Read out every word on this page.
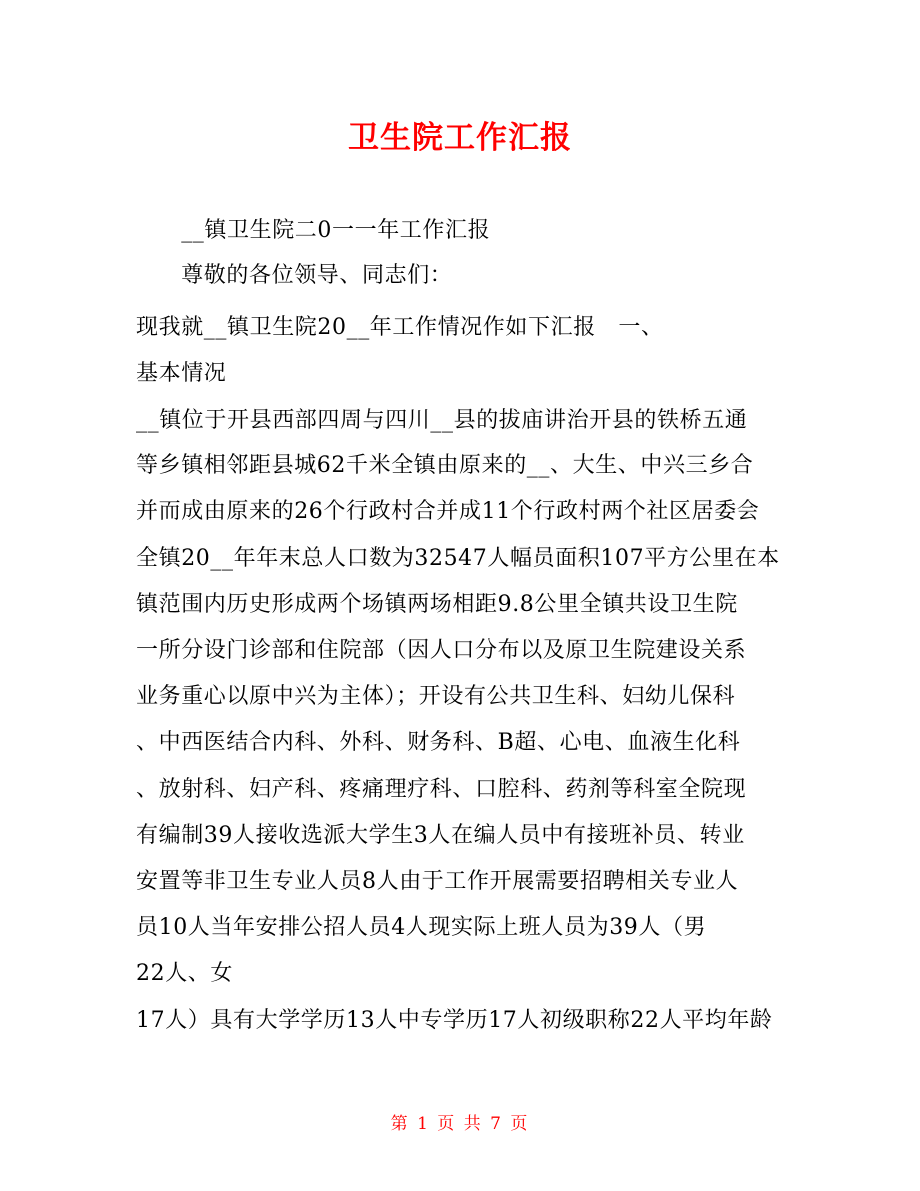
卫生院工作汇报
　　__镇卫生院二0一一年工作汇报
　　尊敬的各位领导、同志们：
现我就__镇卫生院20__年工作情况作如下汇报　一、
基本情况
__镇位于开县西部四周与四川__县的拔庙讲治开县的铁桥五通
等乡镇相邻距县城62千米全镇由原来的__、大生、中兴三乡合
并而成由原来的26个行政村合并成11个行政村两个社区居委会
全镇20__年年末总人口数为32547人幅员面积107平方公里在本
镇范围内历史形成两个场镇两场相距9.8公里全镇共设卫生院
一所分设门诊部和住院部（因人口分布以及原卫生院建设关系
业务重心以原中兴为主体）；开设有公共卫生科、妇幼儿保科
、中西医结合内科、外科、财务科、B超、心电、血液生化科
、放射科、妇产科、疼痛理疗科、口腔科、药剂等科室全院现
有编制39人接收选派大学生3人在编人员中有接班补员、转业
安置等非卫生专业人员8人由于工作开展需要招聘相关专业人
员10人当年安排公招人员4人现实际上班人员为39人（男
22人、女
17人）具有大学学历13人中专学历17人初级职称22人平均年龄
第 1 页 共 7 页
